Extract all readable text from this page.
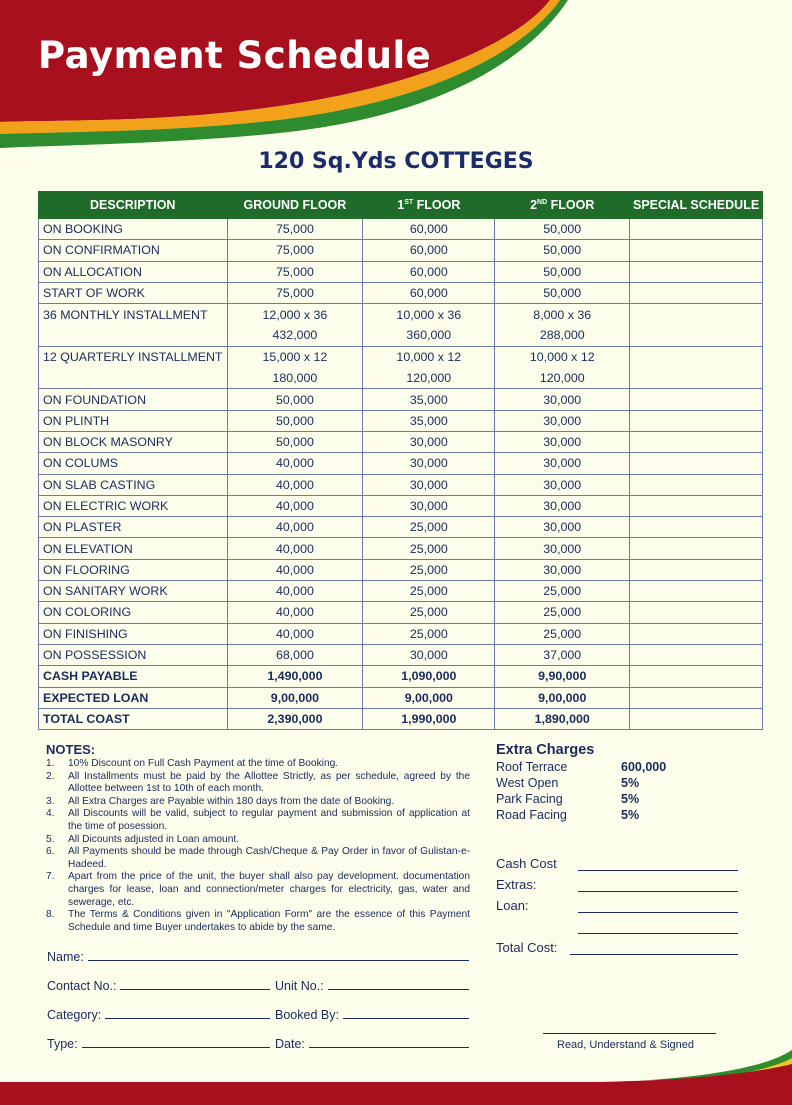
Payment Schedule
120 Sq.Yds COTTEGES
DESCRIPTION	GROUND FLOOR	1ST FLOOR	2ND FLOOR	SPECIAL SCHEDULE
ON BOOKING	75,000	60,000	50,000	
ON CONFIRMATION	75,000	60,000	50,000	
ON ALLOCATION	75,000	60,000	50,000	
START OF WORK	75,000	60,000	50,000	
36 MONTHLY INSTALLMENT	12,000 x 36	10,000 x 36	8,000 x 36	
	432,000	360,000	288,000	
12 QUARTERLY INSTALLMENT	15,000 x 12	10,000 x 12	10,000 x 12	
	180,000	120,000	120,000	
ON FOUNDATION	50,000	35,000	30,000	
ON PLINTH	50,000	35,000	30,000	
ON BLOCK MASONRY	50,000	30,000	30,000	
ON COLUMS	40,000	30,000	30,000	
ON SLAB CASTING	40,000	30,000	30,000	
ON ELECTRIC WORK	40,000	30,000	30,000	
ON PLASTER	40,000	25,000	30,000	
ON ELEVATION	40,000	25,000	30,000	
ON FLOORING	40,000	25,000	30,000	
ON SANITARY WORK	40,000	25,000	25,000	
ON COLORING	40,000	25,000	25,000	
ON FINISHING	40,000	25,000	25,000	
ON POSSESSION	68,000	30,000	37,000	
CASH PAYABLE	1,490,000	1,090,000	9,90,000	
EXPECTED LOAN	9,00,000	9,00,000	9,00,000	
TOTAL COAST	2,390,000	1,990,000	1,890,000	
NOTES:
1. 10% Discount on Full Cash Payment at the time of Booking.
2. All Installments must be paid by the Allottee Strictly, as per schedule, agreed by the Allottee between 1st to 10th of each month.
3. All Extra Charges are Payable within 180 days from the date of Booking.
4. All Discounts will be valid, subject to regular payment and submission of application at the time of posession.
5. All Dicounts adjusted in Loan amount.
6. All Payments should be made through Cash/Cheque & Pay Order in favor of Gulistan-e-Hadeed.
7. Apart from the price of the unit, the buyer shall also pay development. documentation charges for lease, loan and connection/meter charges for electricity, gas, water and sewerage, etc.
8. The Terms & Conditions given in "Application Form" are the essence of this Payment Schedule and time Buyer undertakes to abide by the same.
Extra Charges
Roof Terrace	600,000
West Open	5%
Park Facing	5%
Road Facing	5%
Cash Cost
Extras:
Loan:
Total Cost:
Name:
Contact No.:	Unit No.:
Category:	Booked By:
Type:	Date:	Read, Understand & Signed
